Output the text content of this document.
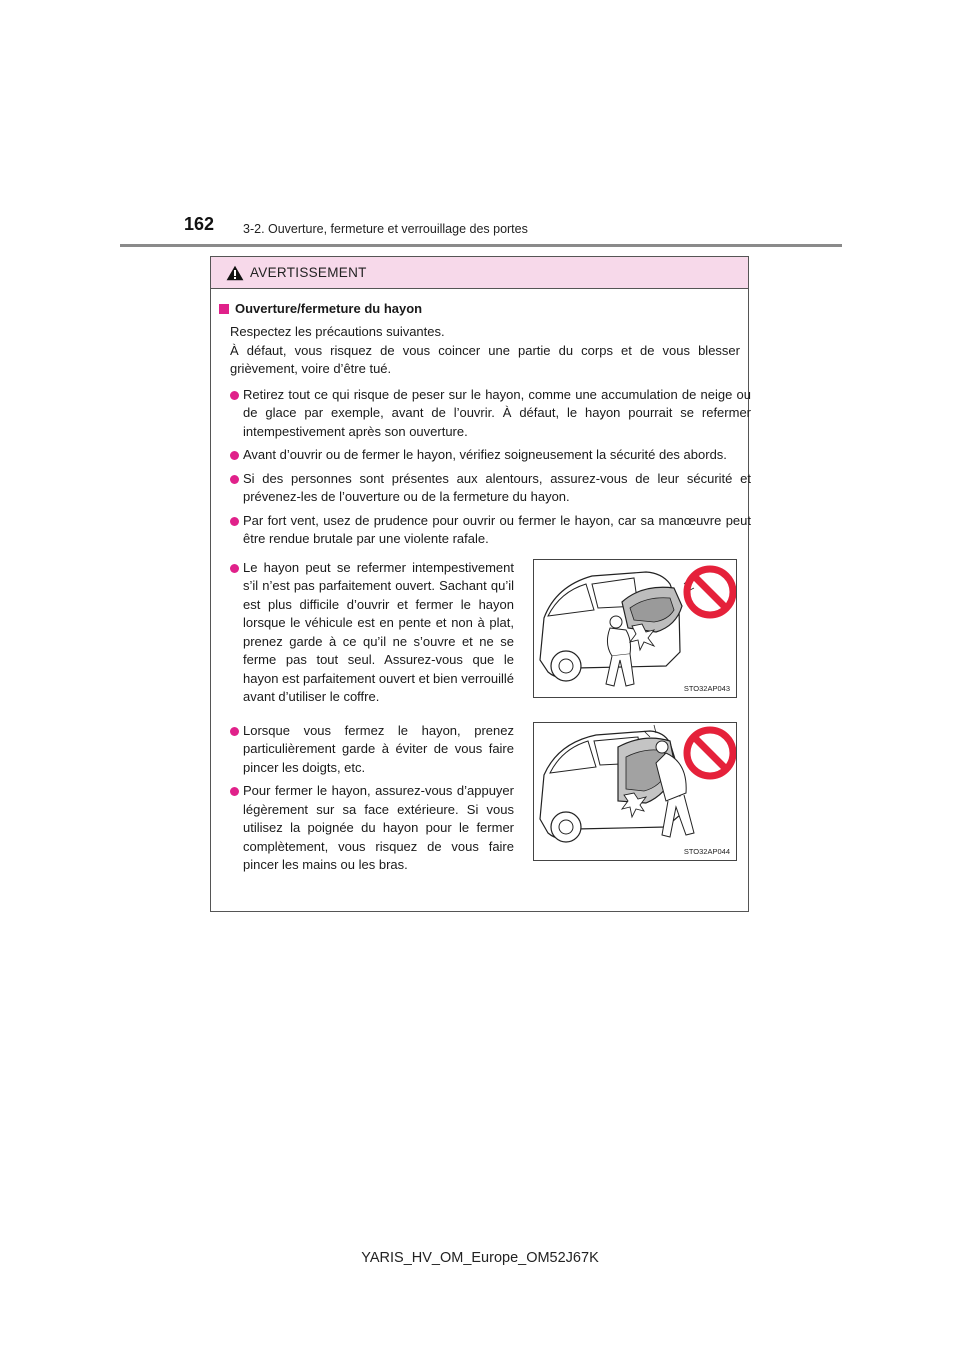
162 3-2. Ouverture, fermeture et verrouillage des portes
AVERTISSEMENT
Ouverture/fermeture du hayon
Respectez les précautions suivantes.
À défaut, vous risquez de vous coincer une partie du corps et de vous blesser grièvement, voire d’être tué.
Retirez tout ce qui risque de peser sur le hayon, comme une accumulation de neige ou de glace par exemple, avant de l’ouvrir. À défaut, le hayon pourrait se refermer intempestivement après son ouverture.
Avant d’ouvrir ou de fermer le hayon, vérifiez soigneusement la sécurité des abords.
Si des personnes sont présentes aux alentours, assurez-vous de leur sécurité et prévenez-les de l’ouverture ou de la fermeture du hayon.
Par fort vent, usez de prudence pour ouvrir ou fermer le hayon, car sa manœuvre peut être rendue brutale par une violente rafale.
Le hayon peut se refermer intempestivement s’il n’est pas parfaitement ouvert. Sachant qu’il est plus difficile d’ouvrir et fermer le hayon lorsque le véhicule est en pente et non à plat, prenez garde à ce qu’il ne s’ouvre et ne se ferme pas tout seul. Assurez-vous que le hayon est parfaitement ouvert et bien verrouillé avant d’utiliser le coffre.
STO32AP043
Lorsque vous fermez le hayon, prenez particulièrement garde à éviter de vous faire pincer les doigts, etc.
Pour fermer le hayon, assurez-vous d’appuyer légèrement sur sa face extérieure. Si vous utilisez la poignée du hayon pour le fermer complètement, vous risquez de vous faire pincer les mains ou les bras.
STO32AP044
YARIS_HV_OM_Europe_OM52J67K
